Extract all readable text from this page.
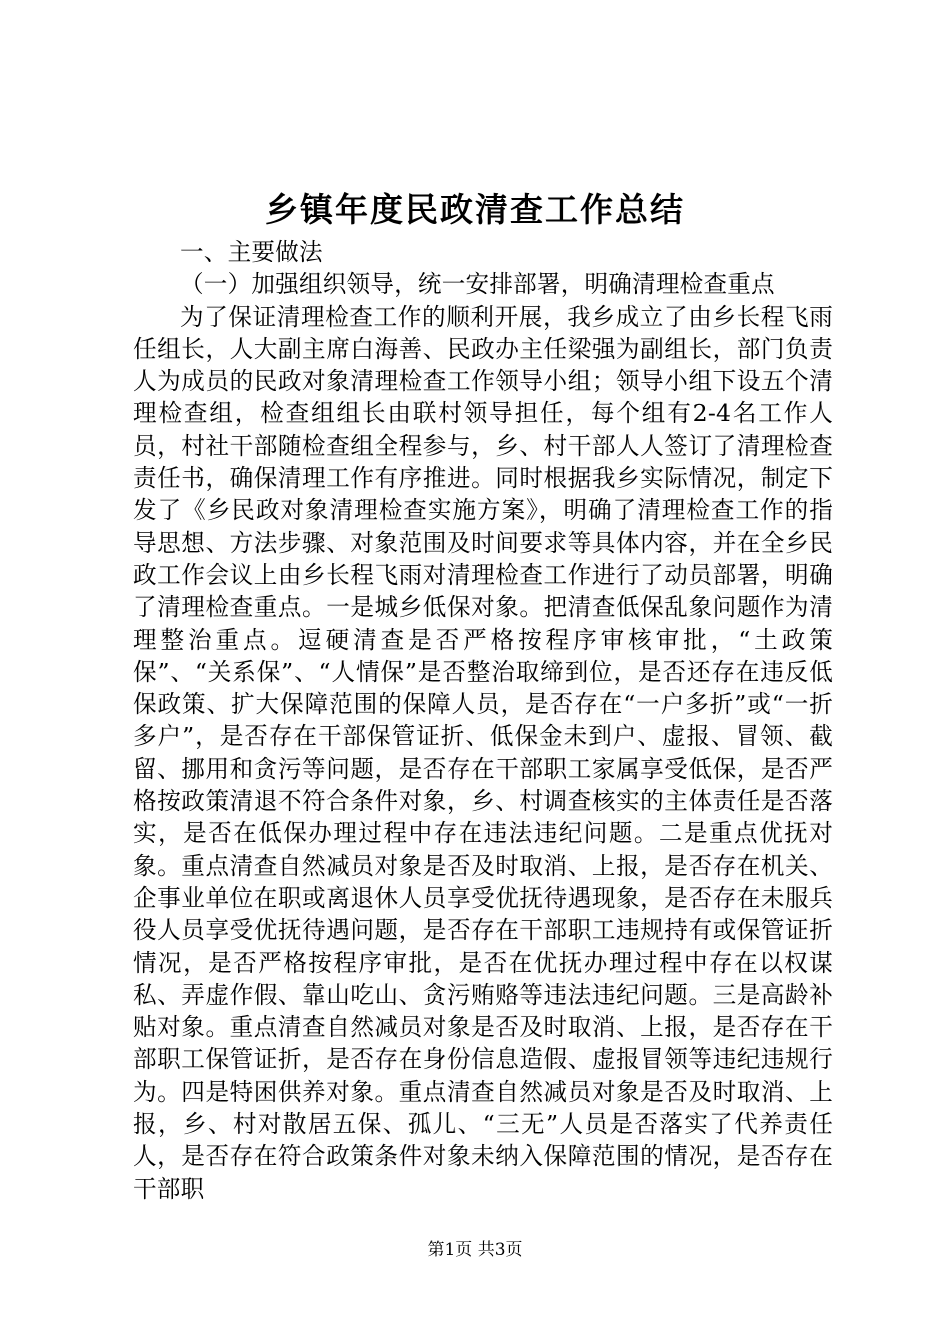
乡镇年度民政清查工作总结

一、主要做法

（一）加强组织领导，统一安排部署，明确清理检查重点

为了保证清理检查工作的顺利开展，我乡成立了由乡长程飞雨任组长，人大副主席白海善、民政办主任梁强为副组长，部门负责人为成员的民政对象清理检查工作领导小组；领导小组下设五个清理检查组，检查组组长由联村领导担任，每个组有2-4名工作人员，村社干部随检查组全程参与，乡、村干部人人签订了清理检查责任书，确保清理工作有序推进。同时根据我乡实际情况，制定下发了《乡民政对象清理检查实施方案》，明确了清理检查工作的指导思想、方法步骤、对象范围及时间要求等具体内容，并在全乡民政工作会议上由乡长程飞雨对清理检查工作进行了动员部署，明确了清理检查重点。一是城乡低保对象。把清查低保乱象问题作为清理整治重点。逗硬清查是否严格按程序审核审批，“土政策保”、“关系保”、“人情保”是否整治取缔到位，是否还存在违反低保政策、扩大保障范围的保障人员，是否存在“一户多折”或“一折多户”，是否存在干部保管证折、低保金未到户、虚报、冒领、截留、挪用和贪污等问题，是否存在干部职工家属享受低保，是否严格按政策清退不符合条件对象，乡、村调查核实的主体责任是否落实，是否在低保办理过程中存在违法违纪问题。二是重点优抚对象。重点清查自然减员对象是否及时取消、上报，是否存在机关、企事业单位在职或离退休人员享受优抚待遇现象，是否存在未服兵役人员享受优抚待遇问题，是否存在干部职工违规持有或保管证折情况，是否严格按程序审批，是否在优抚办理过程中存在以权谋私、弄虚作假、靠山吃山、贪污贿赂等违法违纪问题。三是高龄补贴对象。重点清查自然减员对象是否及时取消、上报，是否存在干部职工保管证折，是否存在身份信息造假、虚报冒领等违纪违规行为。四是特困供养对象。重点清查自然减员对象是否及时取消、上报，乡、村对散居五保、孤儿、“三无”人员是否落实了代养责任人，是否存在符合政策条件对象未纳入保障范围的情况，是否存在干部职

第1页 共3页
